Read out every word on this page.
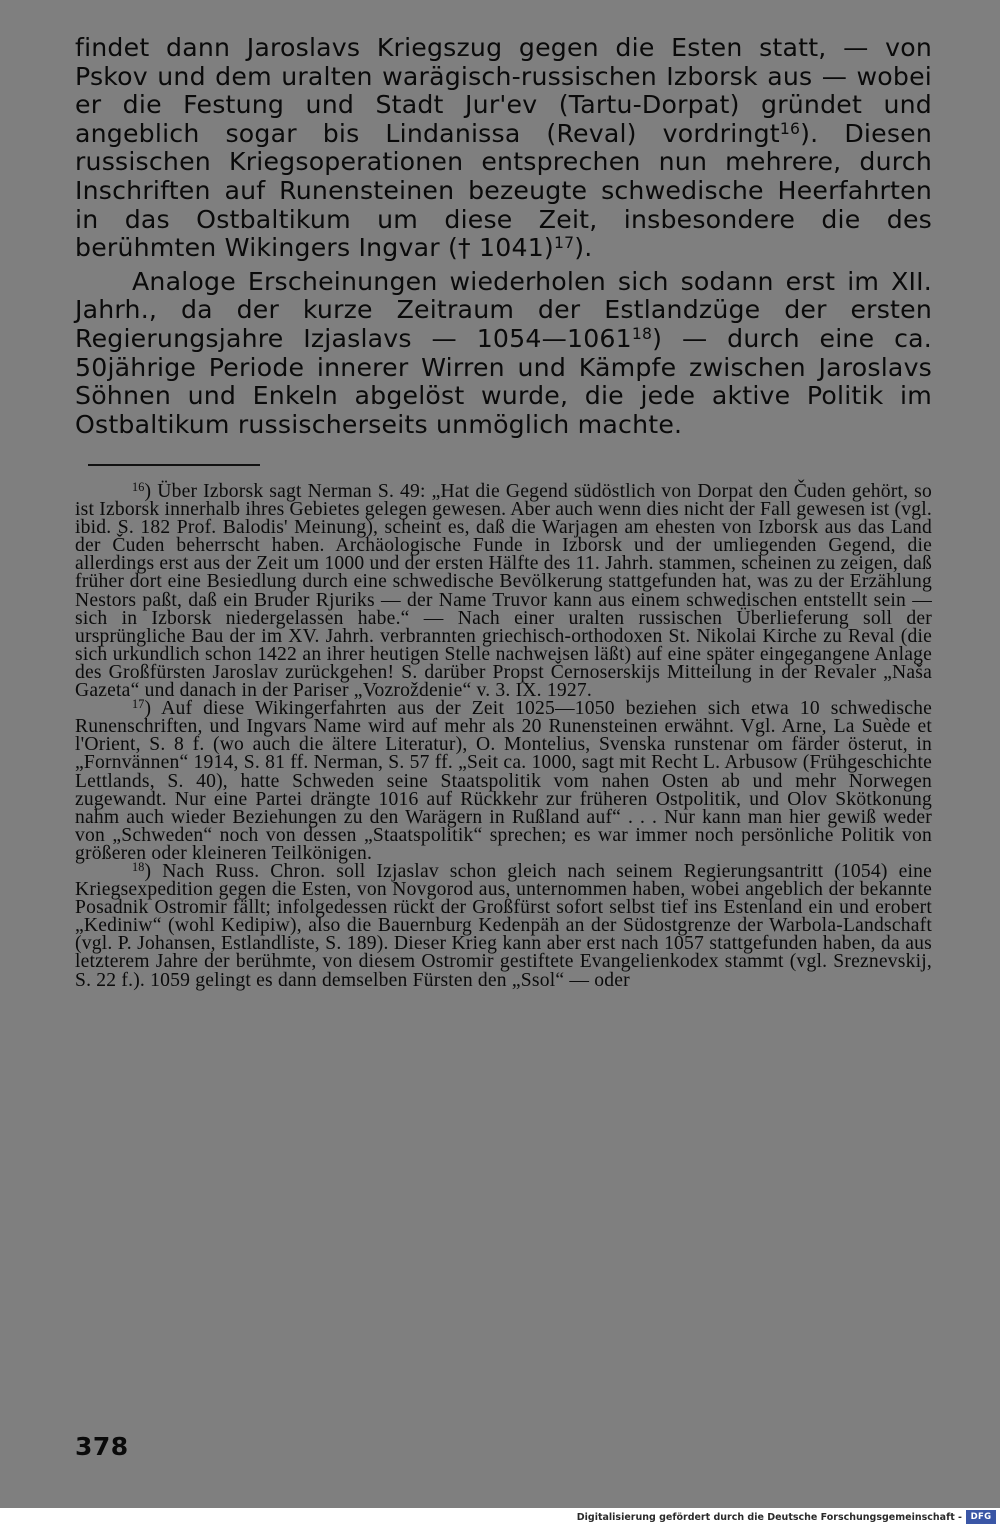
findet dann Jaroslavs Kriegszug gegen die Esten statt, — von Pskov und dem uralten warägisch-russischen Izborsk aus — wobei er die Festung und Stadt Jur'ev (Tartu-Dorpat) gründet und angeblich sogar bis Lindanissa (Reval) vordringt$^{16}$). Diesen russischen Kriegsoperationen entsprechen nun mehrere, durch Inschriften auf Runensteinen bezeugte schwedische Heerfahrten in das Ostbaltikum um diese Zeit, insbesondere die des berühmten Wikingers Ingvar († 1041)$^{17}$).

Analoge Erscheinungen wiederholen sich sodann erst im XII. Jahrh., da der kurze Zeitraum der Estlandzüge der ersten Regierungsjahre Izjaslavs — 1054—1061$^{18}$) — durch eine ca. 50jährige Periode innerer Wirren und Kämpfe zwischen Jaroslavs Söhnen und Enkeln abgelöst wurde, die jede aktive Politik im Ostbaltikum russischerseits unmöglich machte.

$^{16}$) Über Izborsk sagt Nerman S. 49: „Hat die Gegend südöstlich von Dorpat den Čuden gehört, so ist Izborsk innerhalb ihres Gebietes gelegen gewesen. Aber auch wenn dies nicht der Fall gewesen ist (vgl. ibid. S. 182 Prof. Balodis' Meinung), scheint es, daß die Warjagen am ehesten von Izborsk aus das Land der Čuden beherrscht haben. Archäologische Funde in Izborsk und der umliegenden Gegend, die allerdings erst aus der Zeit um 1000 und der ersten Hälfte des 11. Jahrh. stammen, scheinen zu zeigen, daß früher dort eine Besiedlung durch eine schwedische Bevölkerung stattgefunden hat, was zu der Erzählung Nestors paßt, daß ein Bruder Rjuriks — der Name Truvor kann aus einem schwedischen entstellt sein — sich in Izborsk niedergelassen habe.“ — Nach einer uralten russischen Überlieferung soll der ursprüngliche Bau der im XV. Jahrh. verbrannten griechisch-orthodoxen St. Nikolai Kirche zu Reval (die sich urkundlich schon 1422 an ihrer heutigen Stelle nachweisen läßt) auf eine später eingegangene Anlage des Großfürsten Jaroslav zurückgehen! S. darüber Propst Černoserskijs Mitteilung in der Revaler „Naša Gazeta“ und danach in der Pariser „Vozroždenie“ v. 3. IX. 1927.

$^{17}$) Auf diese Wikingerfahrten aus der Zeit 1025—1050 beziehen sich etwa 10 schwedische Runenschriften, und Ingvars Name wird auf mehr als 20 Runensteinen erwähnt. Vgl. Arne, La Suède et l'Orient, S. 8 f. (wo auch die ältere Literatur), O. Montelius, Svenska runstenar om färder österut, in „Fornvännen“ 1914, S. 81 ff. Nerman, S. 57 ff. „Seit ca. 1000, sagt mit Recht L. Arbusow (Frühgeschichte Lettlands, S. 40), hatte Schweden seine Staatspolitik vom nahen Osten ab und mehr Norwegen zugewandt. Nur eine Partei drängte 1016 auf Rückkehr zur früheren Ostpolitik, und Olov Skötkonung nahm auch wieder Beziehungen zu den Warägern in Rußland auf“ . . . Nur kann man hier gewiß weder von „Schweden“ noch von dessen „Staatspolitik“ sprechen; es war immer noch persönliche Politik von größeren oder kleineren Teilkönigen.

$^{18}$) Nach Russ. Chron. soll Izjaslav schon gleich nach seinem Regierungsantritt (1054) eine Kriegsexpedition gegen die Esten, von Novgorod aus, unternommen haben, wobei angeblich der bekannte Posadnik Ostromir fällt; infolgedessen rückt der Großfürst sofort selbst tief ins Estenland ein und erobert „Kediniw“ (wohl Kedipiw), also die Bauernburg Kedenpäh an der Südostgrenze der Warbola-Landschaft (vgl. P. Johansen, Estlandliste, S. 189). Dieser Krieg kann aber erst nach 1057 stattgefunden haben, da aus letzterem Jahre der berühmte, von diesem Ostromir gestiftete Evangelienkodex stammt (vgl. Sreznevskij, S. 22 f.). 1059 gelingt es dann demselben Fürsten den „Ssol“ — oder

378
Digitalisierung gefördert durch die Deutsche Forschungsgemeinschaft -	DFG
